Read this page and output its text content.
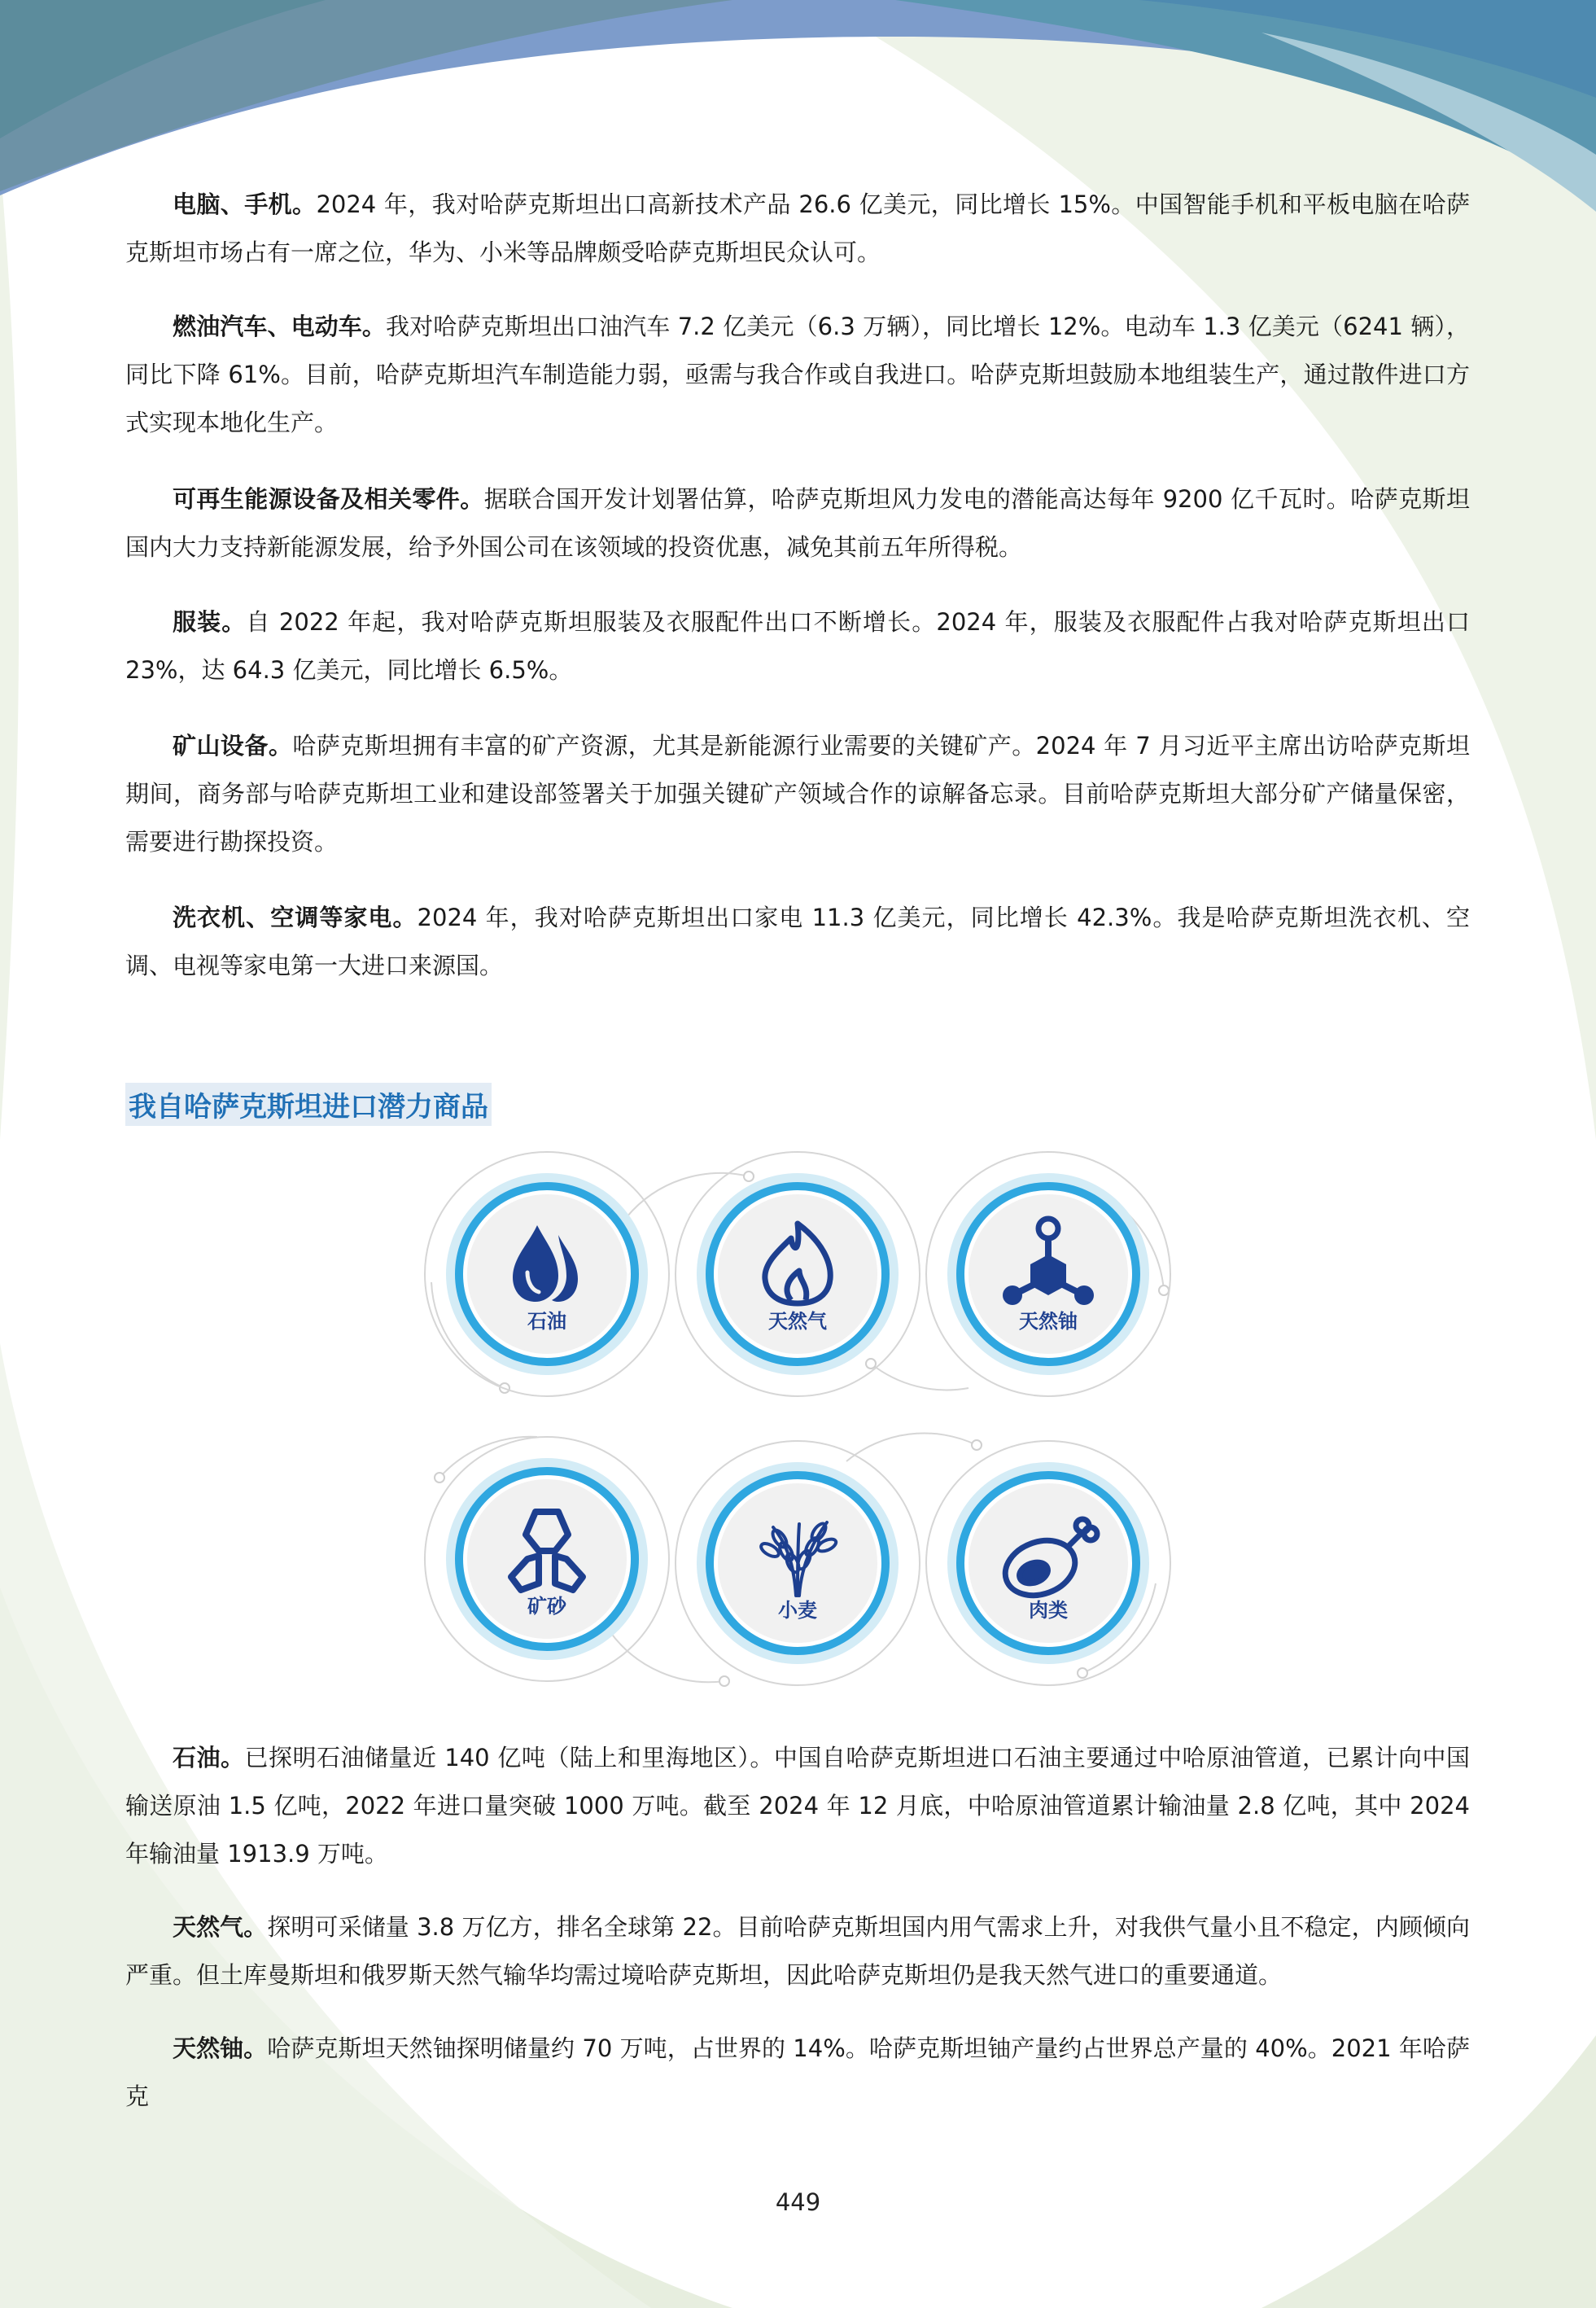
电脑、手机。2024 年，我对哈萨克斯坦出口高新技术产品 26.6 亿美元，同比增长 15%。中国智能手机和平板电脑在哈萨克斯坦市场占有一席之位，华为、小米等品牌颇受哈萨克斯坦民众认可。

燃油汽车、电动车。我对哈萨克斯坦出口油汽车 7.2 亿美元（6.3 万辆），同比增长 12%。电动车 1.3 亿美元（6241 辆），同比下降 61%。目前，哈萨克斯坦汽车制造能力弱，亟需与我合作或自我进口。哈萨克斯坦鼓励本地组装生产，通过散件进口方式实现本地化生产。

可再生能源设备及相关零件。据联合国开发计划署估算，哈萨克斯坦风力发电的潜能高达每年 9200 亿千瓦时。哈萨克斯坦国内大力支持新能源发展，给予外国公司在该领域的投资优惠，减免其前五年所得税。

服装。自 2022 年起，我对哈萨克斯坦服装及衣服配件出口不断增长。2024 年，服装及衣服配件占我对哈萨克斯坦出口 23%，达 64.3 亿美元，同比增长 6.5%。

矿山设备。哈萨克斯坦拥有丰富的矿产资源，尤其是新能源行业需要的关键矿产。2024 年 7 月习近平主席出访哈萨克斯坦期间，商务部与哈萨克斯坦工业和建设部签署关于加强关键矿产领域合作的谅解备忘录。目前哈萨克斯坦大部分矿产储量保密，需要进行勘探投资。

洗衣机、空调等家电。2024 年，我对哈萨克斯坦出口家电 11.3 亿美元，同比增长 42.3%。我是哈萨克斯坦洗衣机、空调、电视等家电第一大进口来源国。

我自哈萨克斯坦进口潜力商品
石油	天然气	天然铀
矿砂	小麦	肉类

石油。已探明石油储量近 140 亿吨（陆上和里海地区）。中国自哈萨克斯坦进口石油主要通过中哈原油管道，已累计向中国输送原油 1.5 亿吨，2022 年进口量突破 1000 万吨。截至 2024 年 12 月底，中哈原油管道累计输油量 2.8 亿吨，其中 2024 年输油量 1913.9 万吨。

天然气。探明可采储量 3.8 万亿方，排名全球第 22。目前哈萨克斯坦国内用气需求上升，对我供气量小且不稳定，内顾倾向严重。但土库曼斯坦和俄罗斯天然气输华均需过境哈萨克斯坦，因此哈萨克斯坦仍是我天然气进口的重要通道。

天然铀。哈萨克斯坦天然铀探明储量约 70 万吨，占世界的 14%。哈萨克斯坦铀产量约占世界总产量的 40%。2021 年哈萨克

449
